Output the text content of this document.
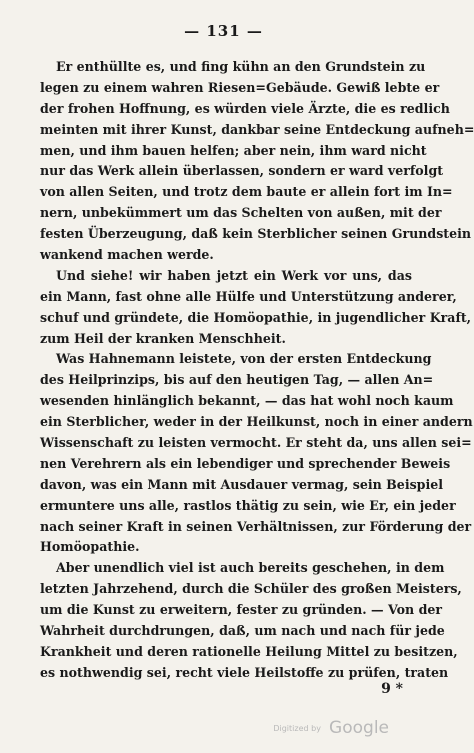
— 131 —
Er enthüllte es, und fing kühn an den Grundstein zu
legen zu einem wahren Riesen=Gebäude. Gewiß lebte er
der frohen Hoffnung, es würden viele Ärzte, die es redlich
meinten mit ihrer Kunst, dankbar seine Entdeckung aufneh=
men, und ihm bauen helfen; aber nein, ihm ward nicht
nur das Werk allein überlassen, sondern er ward verfolgt
von allen Seiten, und trotz dem baute er allein fort im In=
nern, unbekümmert um das Schelten von außen, mit der
festen Überzeugung, daß kein Sterblicher seinen Grundstein
wankend machen werde.
Und siehe! wir haben jetzt ein Werk vor uns, das
ein Mann, fast ohne alle Hülfe und Unterstützung anderer,
schuf und gründete, die Homöopathie, in jugendlicher Kraft,
zum Heil der kranken Menschheit.
Was Hahnemann leistete, von der ersten Entdeckung
des Heilprinzips, bis auf den heutigen Tag, — allen An=
wesenden hinlänglich bekannt, — das hat wohl noch kaum
ein Sterblicher, weder in der Heilkunst, noch in einer andern
Wissenschaft zu leisten vermocht. Er steht da, uns allen sei=
nen Verehrern als ein lebendiger und sprechender Beweis
davon, was ein Mann mit Ausdauer vermag, sein Beispiel
ermuntere uns alle, rastlos thätig zu sein, wie Er, ein jeder
nach seiner Kraft in seinen Verhältnissen, zur Förderung der
Homöopathie.
Aber unendlich viel ist auch bereits geschehen, in dem
letzten Jahrzehend, durch die Schüler des großen Meisters,
um die Kunst zu erweitern, fester zu gründen. — Von der
Wahrheit durchdrungen, daß, um nach und nach für jede
Krankheit und deren rationelle Heilung Mittel zu besitzen,
es nothwendig sei, recht viele Heilstoffe zu prüfen, traten
9 *
Digitized by Google
